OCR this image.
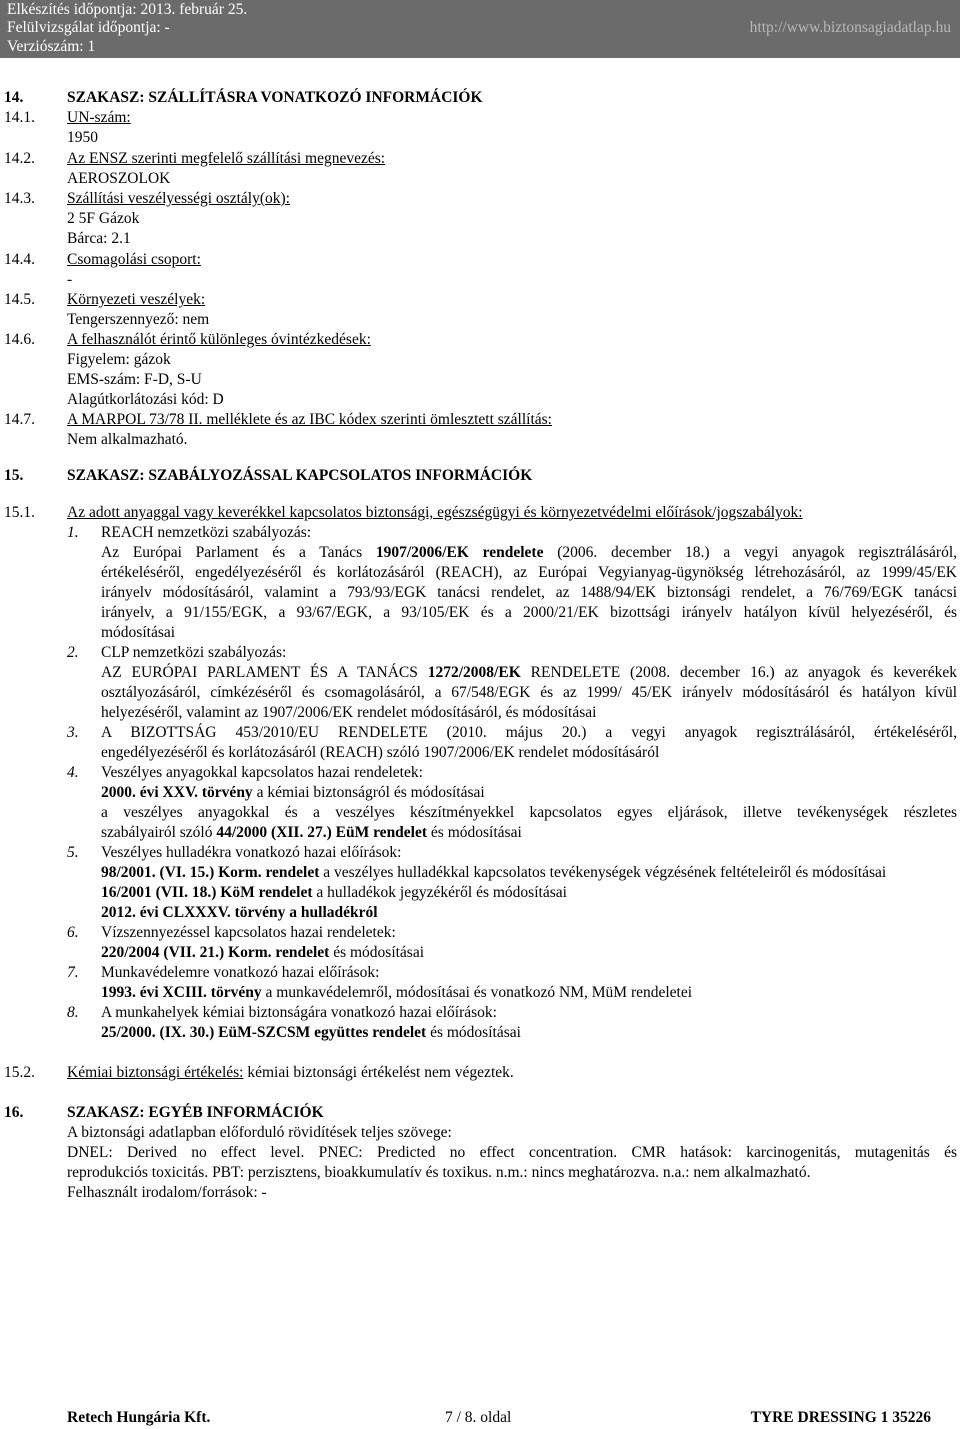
Elkészítés időpontja: 2013. február 25.
Felülvizsgálat időpontja: -
Verziószám: 1
http://www.biztonsagiadatlap.hu
14.	SZAKASZ: SZÁLLÍTÁSRA VONATKOZÓ INFORMÁCIÓK
14.1. UN-szám:
1950
14.2. Az ENSZ szerinti megfelelő szállítási megnevezés:
AEROSZOLOK
14.3. Szállítási veszélyességi osztály(ok):
2 5F Gázok
Bárca: 2.1
14.4. Csomagolási csoport:
-
14.5. Környezeti veszélyek:
Tengerszennyező: nem
14.6. A felhasználót érintő különleges óvintézkedések:
Figyelem: gázok
EMS-szám: F-D, S-U
Alagútkorlátozási kód: D
14.7. A MARPOL 73/78 II. melléklete és az IBC kódex szerinti ömlesztett szállítás:
Nem alkalmazható.
15.	SZAKASZ: SZABÁLYOZÁSSAL KAPCSOLATOS INFORMÁCIÓK
15.1. Az adott anyaggal vagy keverékkel kapcsolatos biztonsági, egészségügyi és környezetvédelmi előírások/jogszabályok:
1. REACH nemzetközi szabályozás:
Az Európai Parlament és a Tanács 1907/2006/EK rendelete (2006. december 18.) a vegyi anyagok regisztrálásáról,
értékeléséről, engedélyezéséről és korlátozásáról (REACH), az Európai Vegyianyag-ügynökség létrehozásáról, az 1999/45/EK
irányelv módosításáról, valamint a 793/93/EGK tanácsi rendelet, az 1488/94/EK biztonsági rendelet, a 76/769/EGK tanácsi
irányelv, a 91/155/EGK, a 93/67/EGK, a 93/105/EK és a 2000/21/EK bizottsági irányelv hatályon kívül helyezéséről, és
módosításai
2. CLP nemzetközi szabályozás:
AZ EURÓPAI PARLAMENT ÉS A TANÁCS 1272/2008/EK RENDELETE (2008. december 16.) az anyagok és keverékek
osztályozásáról, címkézéséről és csomagolásáról, a 67/548/EGK és az 1999/ 45/EK irányelv módosításáról és hatályon kívül
helyezéséről, valamint az 1907/2006/EK rendelet módosításáról, és módosításai
3. A BIZOTTSÁG 453/2010/EU RENDELETE (2010. május 20.) a vegyi anyagok regisztrálásáról, értékeléséről,
engedélyezéséről és korlátozásáról (REACH) szóló 1907/2006/EK rendelet módosításáról
4. Veszélyes anyagokkal kapcsolatos hazai rendeletek:
2000. évi XXV. törvény a kémiai biztonságról és módosításai
a veszélyes anyagokkal és a veszélyes készítményekkel kapcsolatos egyes eljárások, illetve tevékenységek részletes
szabályairól szóló 44/2000 (XII. 27.) EüM rendelet és módosításai
5. Veszélyes hulladékra vonatkozó hazai előírások:
98/2001. (VI. 15.) Korm. rendelet a veszélyes hulladékkal kapcsolatos tevékenységek végzésének feltételeiről és módosításai
16/2001 (VII. 18.) KöM rendelet a hulladékok jegyzékéről és módosításai
2012. évi CLXXXV. törvény a hulladékról
6. Vízszennyezéssel kapcsolatos hazai rendeletek:
220/2004 (VII. 21.) Korm. rendelet és módosításai
7. Munkavédelemre vonatkozó hazai előírások:
1993. évi XCIII. törvény a munkavédelemről, módosításai és vonatkozó NM, MüM rendeletei
8. A munkahelyek kémiai biztonságára vonatkozó hazai előírások:
25/2000. (IX. 30.) EüM-SZCSM együttes rendelet és módosításai
15.2. Kémiai biztonsági értékelés: kémiai biztonsági értékelést nem végeztek.
16.	SZAKASZ: EGYÉB INFORMÁCIÓK
A biztonsági adatlapban előforduló rövidítések teljes szövege:
DNEL: Derived no effect level. PNEC: Predicted no effect concentration. CMR hatások: karcinogenitás, mutagenitás és
reprodukciós toxicitás. PBT: perzisztens, bioakkumulatív és toxikus. n.m.: nincs meghatározva. n.a.: nem alkalmazható.
Felhasznált irodalom/források: -
Retech Hungária Kft.	7 / 8. oldal	TYRE DRESSING 1 35226
